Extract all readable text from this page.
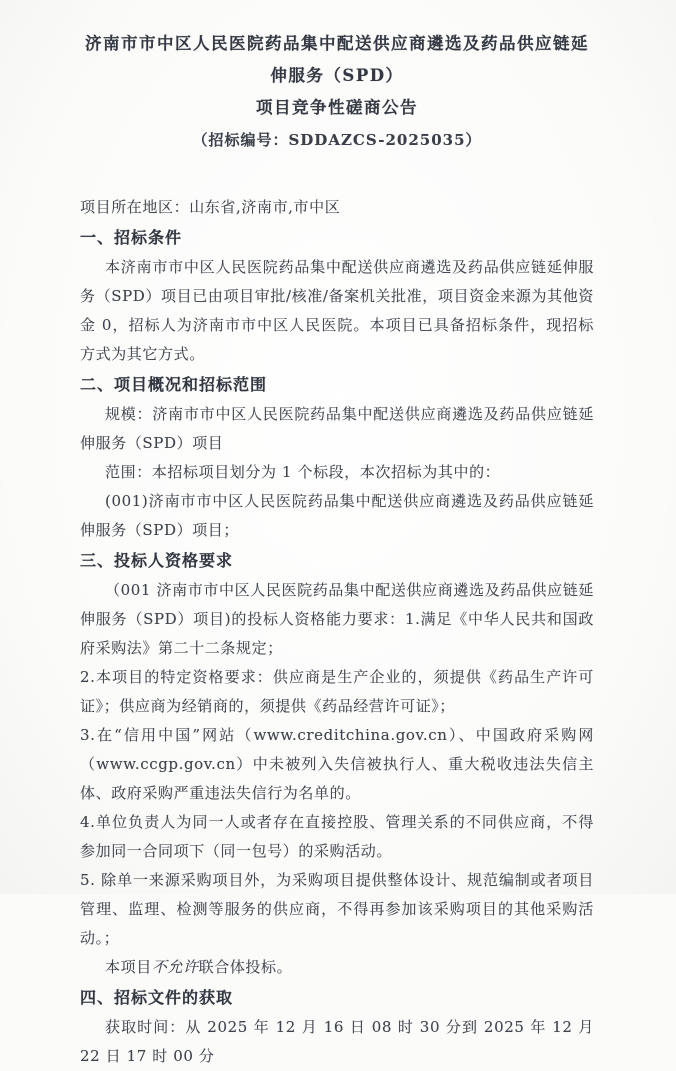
济南市市中区人民医院药品集中配送供应商遴选及药品供应链延伸服务（SPD）

项目竞争性磋商公告

（招标编号：SDDAZCS-2025035）

项目所在地区：山东省,济南市,市中区

一、招标条件

本济南市市中区人民医院药品集中配送供应商遴选及药品供应链延伸服务（SPD）项目已由项目审批/核准/备案机关批准，项目资金来源为其他资金 0，招标人为济南市市中区人民医院。本项目已具备招标条件，现招标方式为其它方式。

二、项目概况和招标范围

规模：济南市市中区人民医院药品集中配送供应商遴选及药品供应链延伸服务（SPD）项目

范围：本招标项目划分为 1 个标段，本次招标为其中的：

(001)济南市市中区人民医院药品集中配送供应商遴选及药品供应链延伸服务（SPD）项目；

三、投标人资格要求

（001 济南市市中区人民医院药品集中配送供应商遴选及药品供应链延伸服务（SPD）项目)的投标人资格能力要求：1.满足《中华人民共和国政府采购法》第二十二条规定；

2.本项目的特定资格要求：供应商是生产企业的，须提供《药品生产许可证》；供应商为经销商的，须提供《药品经营许可证》；

3.在“信用中国”网站（www.creditchina.gov.cn）、中国政府采购网（www.ccgp.gov.cn）中未被列入失信被执行人、重大税收违法失信主体、政府采购严重违法失信行为名单的。

4.单位负责人为同一人或者存在直接控股、管理关系的不同供应商，不得参加同一合同项下（同一包号）的采购活动。

5. 除单一来源采购项目外，为采购项目提供整体设计、规范编制或者项目管理、监理、检测等服务的供应商，不得再参加该采购项目的其他采购活动。；

本项目不允许联合体投标。

四、招标文件的获取

获取时间：从 2025 年 12 月 16 日 08 时 30 分到 2025 年 12 月 22 日 17 时 00 分
